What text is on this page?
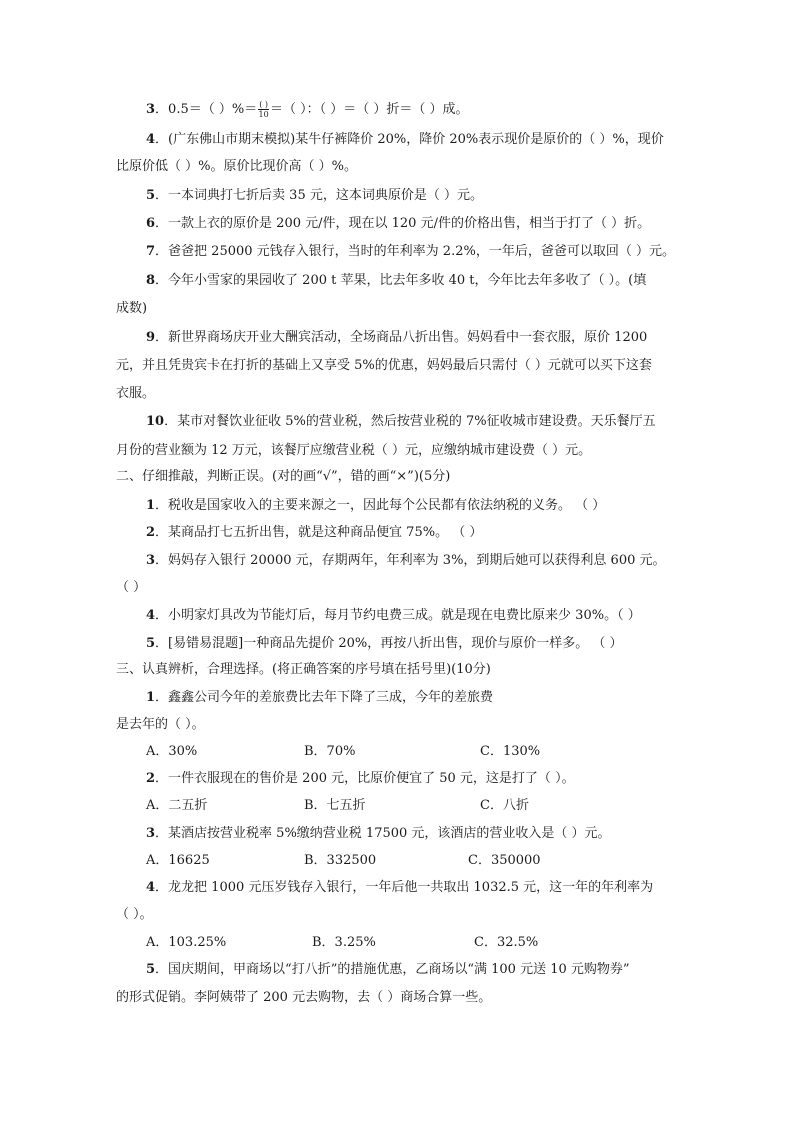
3．0.5＝（ ）%＝ $\frac{( )}{10}$ ＝（ ）：（ ）＝（ ）折＝（ ）成。
4．(广东佛山市期末模拟)某牛仔裤降价 20%，降价 20%表示现价是原价的（ ）%，现价
比原价低（ ）%。原价比现价高（ ）%。
5．一本词典打七折后卖 35 元，这本词典原价是（ ）元。
6．一款上衣的原价是 200 元/件，现在以 120 元/件的价格出售，相当于打了（ ）折。
7．爸爸把 25000 元钱存入银行，当时的年利率为 2.2%，一年后，爸爸可以取回（ ）元。
8．今年小雪家的果园收了 200 t 苹果，比去年多收 40 t，今年比去年多收了（ ）。(填
成数)
9．新世界商场庆开业大酬宾活动，全场商品八折出售。妈妈看中一套衣服，原价 1200
元，并且凭贵宾卡在打折的基础上又享受 5%的优惠，妈妈最后只需付（ ）元就可以买下这套
衣服。
10．某市对餐饮业征收 5%的营业税，然后按营业税的 7%征收城市建设费。天乐餐厅五
月份的营业额为 12 万元，该餐厅应缴营业税（ ）元，应缴纳城市建设费（ ）元。
二、仔细推敲，判断正误。(对的画“√”，错的画“×”)(5分)
1．税收是国家收入的主要来源之一，因此每个公民都有依法纳税的义务。 （ ）
2．某商品打七五折出售，就是这种商品便宜 75%。 （ ）
3．妈妈存入银行 20000 元，存期两年，年利率为 3%，到期后她可以获得利息 600 元。
（ ）
4．小明家灯具改为节能灯后，每月节约电费三成。就是现在电费比原来少 30%。（ ）
5．[易错易混题]一种商品先提价 20%，再按八折出售，现价与原价一样多。 （ ）
三、认真辨析，合理选择。(将正确答案的序号填在括号里)(10分)
1．鑫鑫公司今年的差旅费比去年下降了三成，今年的差旅费
是去年的（ ）。
A．30%	B．70%	C．130%
2．一件衣服现在的售价是 200 元，比原价便宜了 50 元，这是打了（ ）。
A．二五折	B．七五折	C．八折
3．某酒店按营业税率 5%缴纳营业税 17500 元，该酒店的营业收入是（ ）元。
A．16625	B．332500	C．350000
4．龙龙把 1000 元压岁钱存入银行，一年后他一共取出 1032.5 元，这一年的年利率为
（ ）。
A．103.25%	B．3.25%	C．32.5%
5．国庆期间，甲商场以“打八折”的措施优惠，乙商场以“满 100 元送 10 元购物券”
的形式促销。李阿姨带了 200 元去购物，去（ ）商场合算一些。
